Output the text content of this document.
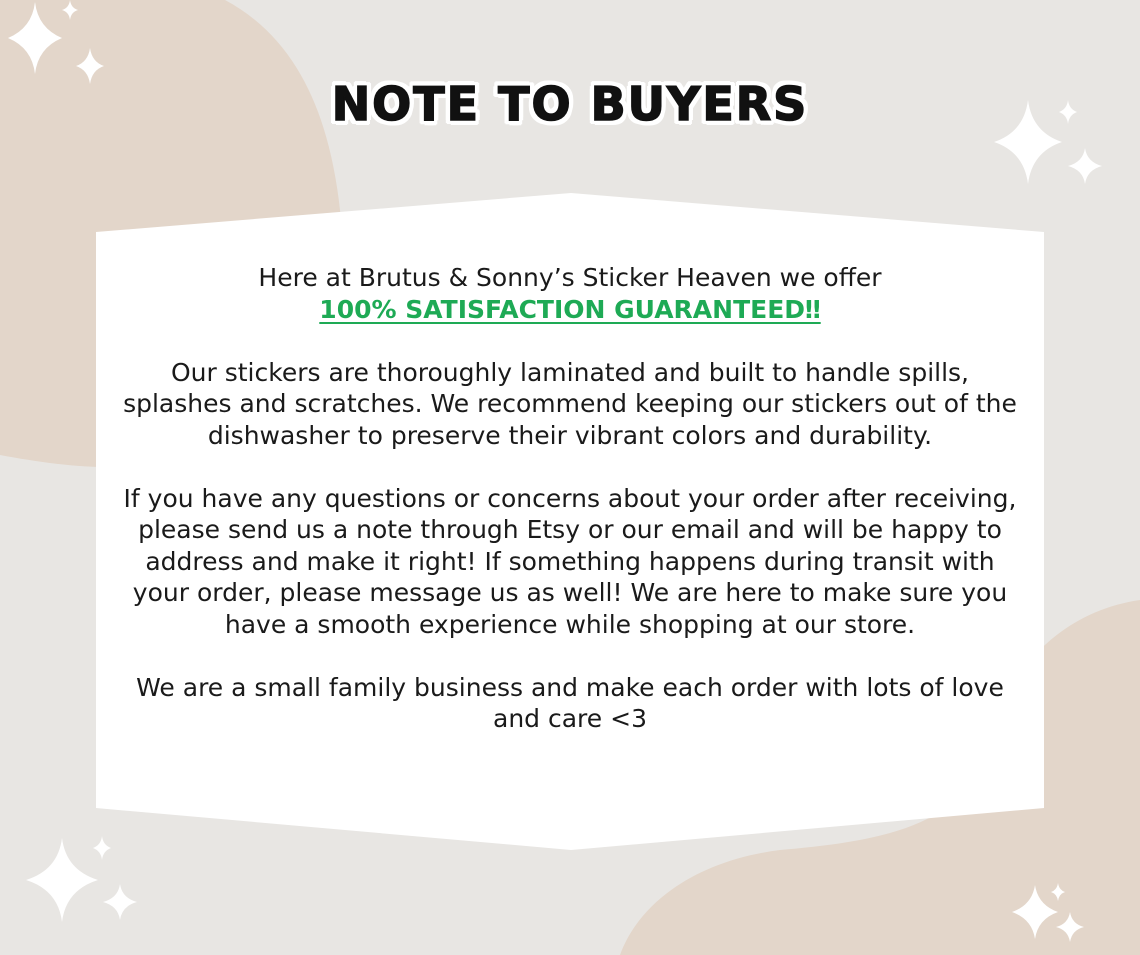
NOTE TO BUYERS

Here at Brutus & Sonny’s Sticker Heaven we offer
100% SATISFACTION GUARANTEED‼

Our stickers are thoroughly laminated and built to handle spills, splashes and scratches. We recommend keeping our stickers out of the dishwasher to preserve their vibrant colors and durability.

If you have any questions or concerns about your order after receiving, please send us a note through Etsy or our email and will be happy to address and make it right! If something happens during transit with your order, please message us as well! We are here to make sure you have a smooth experience while shopping at our store.

We are a small family business and make each order with lots of love and care <3
